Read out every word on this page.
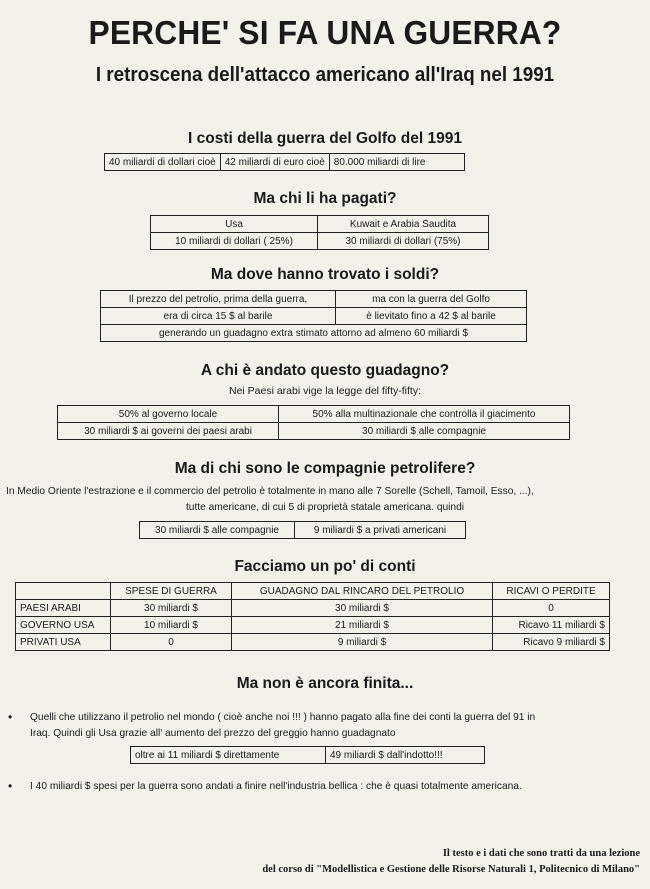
PERCHE' SI FA UNA GUERRA?
I retroscena dell'attacco americano all'Iraq nel 1991
I costi della guerra del Golfo del 1991
40 miliardi di dollari cioè	42 miliardi di euro cioè	80.000 miliardi di lire
Ma chi li ha pagati?
Usa	Kuwait e Arabia Saudita
10 miliardi di dollari ( 25%)	30 miliardi di dollari (75%)
Ma dove hanno trovato i soldi?
Il prezzo del petrolio, prima della guerra,	ma con la guerra del Golfo
era di circa 15 $ al barile	è lievitato fino a 42 $ al barile
generando un guadagno extra stimato attorno ad almeno 60 miliardi $	
A chi è andato questo guadagno?
Nei Paesi arabi vige la legge del fifty-fifty:
50% al governo locale	50% alla multinazionale che controlla il giacimento
30 miliardi $ ai governi dei paesi arabi	30 miliardi $ alle compagnie
Ma di chi sono le compagnie petrolifere?
In Medio Oriente l'estrazione e il commercio del petrolio è totalmente in mano alle 7 Sorelle (Schell, Tamoil, Esso, ...),
tutte americane, di cui 5 di proprietà statale americana. quindi
30 miliardi $ alle compagnie	9 miliardi $ a privati americani
Facciamo un po' di conti
	SPESE DI GUERRA	GUADAGNO DAL RINCARO DEL PETROLIO	RICAVI O PERDITE
PAESI ARABI	30 miliardi $	30 miliardi $	0
GOVERNO USA	10 miliardi $	21 miliardi $	Ricavo 11 miliardi $
PRIVATI USA	0	9 miliardi $	Ricavo 9 miliardi $
Ma non è ancora finita...
• Quelli che utilizzano il petrolio nel mondo ( cioè anche noi !!! ) hanno pagato alla fine dei conti la guerra del 91 in
Iraq. Quindi gli Usa grazie all' aumento del prezzo del greggio hanno guadagnato
oltre ai 11 miliardi $ direttamente	49 miliardi $ dall'indotto!!!
• I 40 miliardi $ spesi per la guerra sono andati a finire nell'industria bellica : che è quasi totalmente americana.
Il testo e i dati che sono tratti da una lezione
del corso di "Modellistica e Gestione delle Risorse Naturali 1, Politecnico di Milano"
